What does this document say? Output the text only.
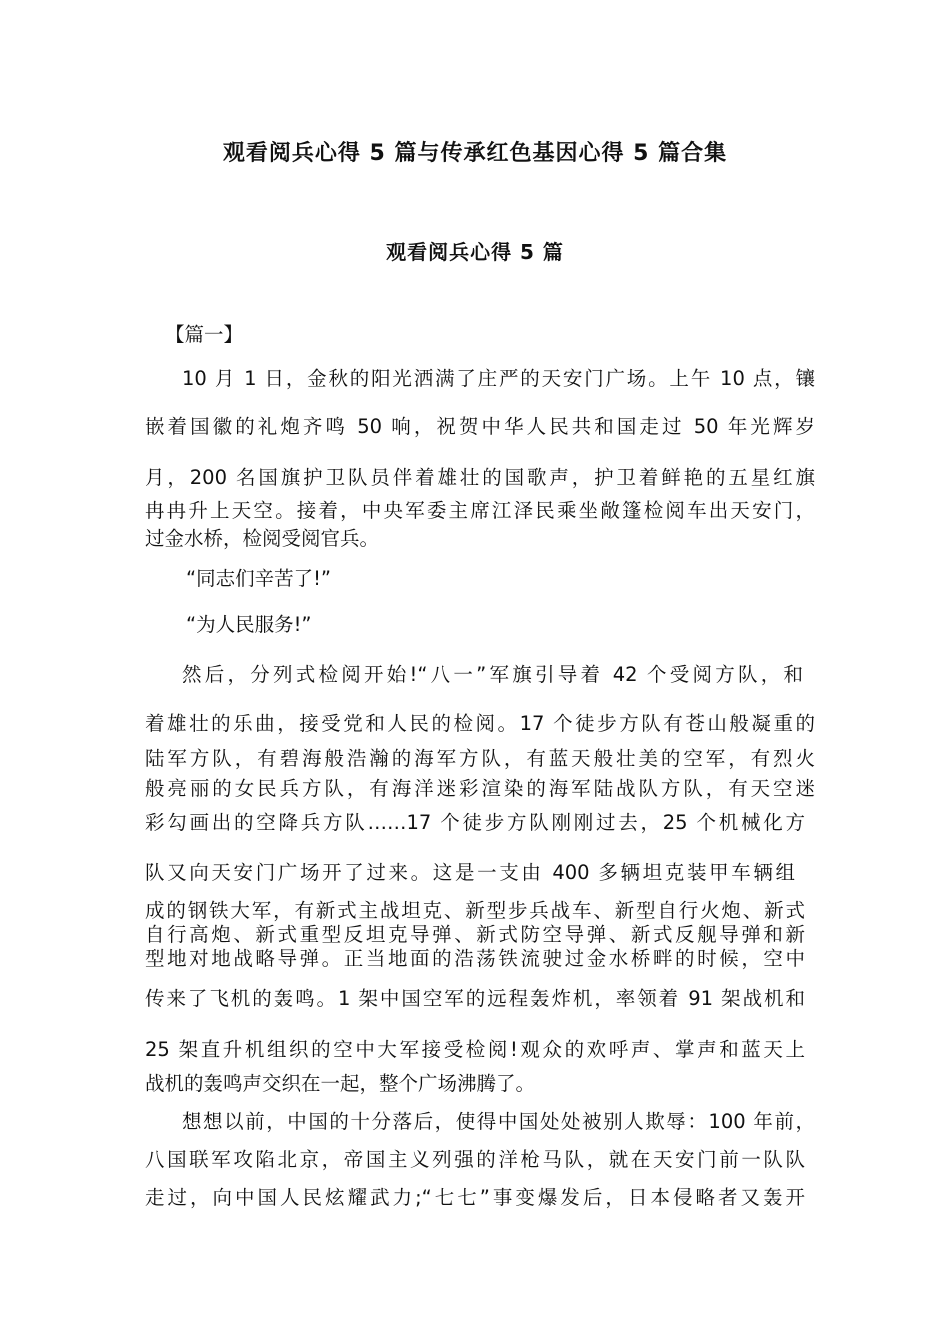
观看阅兵心得 5 篇与传承红色基因心得 5 篇合集
观看阅兵心得 5 篇
【篇一】
10 月 1 日，金秋的阳光洒满了庄严的天安门广场。上午 10 点，镶
嵌着国徽的礼炮齐鸣 50 响，祝贺中华人民共和国走过 50 年光辉岁
月，200 名国旗护卫队员伴着雄壮的国歌声，护卫着鲜艳的五星红旗
冉冉升上天空。接着，中央军委主席江泽民乘坐敞篷检阅车出天安门，
过金水桥，检阅受阅官兵。
“同志们辛苦了!”
“为人民服务!”
然后，分列式检阅开始!“八一”军旗引导着 42 个受阅方队，和
着雄壮的乐曲，接受党和人民的检阅。17 个徒步方队有苍山般凝重的
陆军方队，有碧海般浩瀚的海军方队，有蓝天般壮美的空军，有烈火
般亮丽的女民兵方队，有海洋迷彩渲染的海军陆战队方队，有天空迷
彩勾画出的空降兵方队……17 个徒步方队刚刚过去，25 个机械化方
队又向天安门广场开了过来。这是一支由 400 多辆坦克装甲车辆组
成的钢铁大军，有新式主战坦克、新型步兵战车、新型自行火炮、新式
自行高炮、新式重型反坦克导弹、新式防空导弹、新式反舰导弹和新
型地对地战略导弹。正当地面的浩荡铁流驶过金水桥畔的时候，空中
传来了飞机的轰鸣。1 架中国空军的远程轰炸机，率领着 91 架战机和
25 架直升机组织的空中大军接受检阅!观众的欢呼声、掌声和蓝天上
战机的轰鸣声交织在一起，整个广场沸腾了。
想想以前，中国的十分落后，使得中国处处被别人欺辱：100 年前，
八国联军攻陷北京，帝国主义列强的洋枪马队，就在天安门前一队队
走过，向中国人民炫耀武力;“七七”事变爆发后，日本侵略者又轰开
